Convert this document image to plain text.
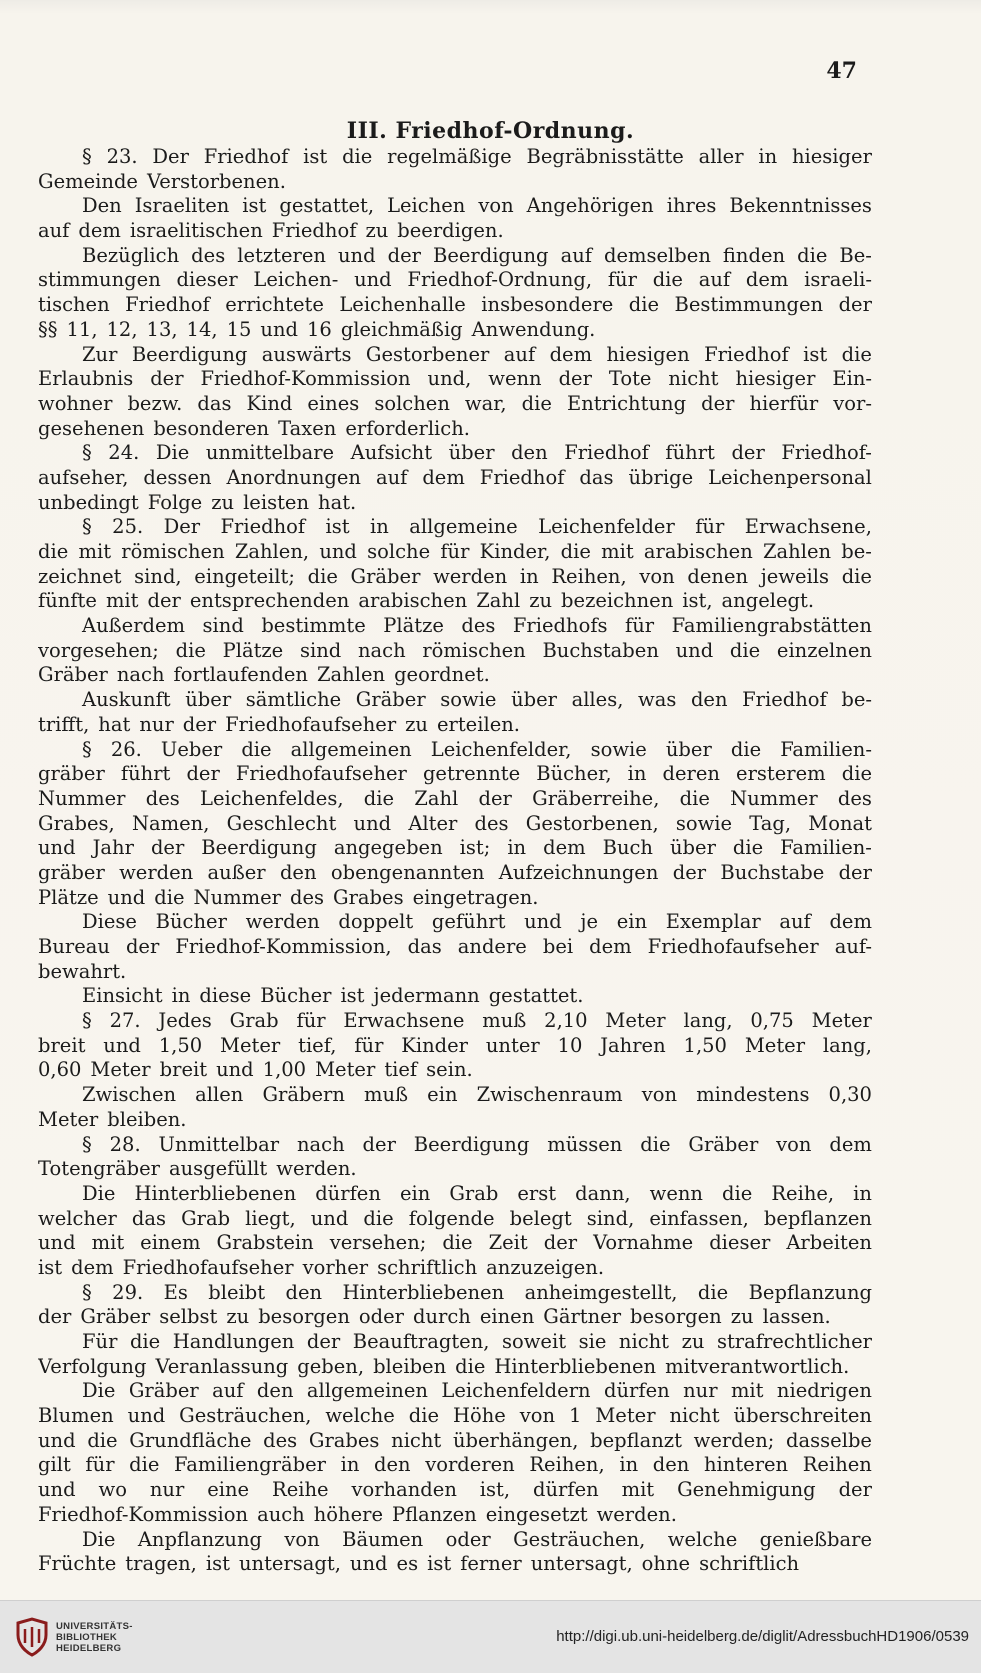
47
III. Friedhof-Ordnung.
§ 23. Der Friedhof ist die regelmäßige Begräbnisstätte aller in hiesiger
Gemeinde Verstorbenen.
Den Israeliten ist gestattet, Leichen von Angehörigen ihres Bekenntnisses
auf dem israelitischen Friedhof zu beerdigen.
Bezüglich des letzteren und der Beerdigung auf demselben finden die Be-
stimmungen dieser Leichen- und Friedhof-Ordnung, für die auf dem israeli-
tischen Friedhof errichtete Leichenhalle insbesondere die Bestimmungen der
§§ 11, 12, 13, 14, 15 und 16 gleichmäßig Anwendung.
Zur Beerdigung auswärts Gestorbener auf dem hiesigen Friedhof ist die
Erlaubnis der Friedhof-Kommission und, wenn der Tote nicht hiesiger Ein-
wohner bezw. das Kind eines solchen war, die Entrichtung der hierfür vor-
gesehenen besonderen Taxen erforderlich.
§ 24. Die unmittelbare Aufsicht über den Friedhof führt der Friedhof-
aufseher, dessen Anordnungen auf dem Friedhof das übrige Leichenpersonal
unbedingt Folge zu leisten hat.
§ 25. Der Friedhof ist in allgemeine Leichenfelder für Erwachsene,
die mit römischen Zahlen, und solche für Kinder, die mit arabischen Zahlen be-
zeichnet sind, eingeteilt; die Gräber werden in Reihen, von denen jeweils die
fünfte mit der entsprechenden arabischen Zahl zu bezeichnen ist, angelegt.
Außerdem sind bestimmte Plätze des Friedhofs für Familiengrabstätten
vorgesehen; die Plätze sind nach römischen Buchstaben und die einzelnen
Gräber nach fortlaufenden Zahlen geordnet.
Auskunft über sämtliche Gräber sowie über alles, was den Friedhof be-
trifft, hat nur der Friedhofaufseher zu erteilen.
§ 26. Ueber die allgemeinen Leichenfelder, sowie über die Familien-
gräber führt der Friedhofaufseher getrennte Bücher, in deren ersterem die
Nummer des Leichenfeldes, die Zahl der Gräberreihe, die Nummer des
Grabes, Namen, Geschlecht und Alter des Gestorbenen, sowie Tag, Monat
und Jahr der Beerdigung angegeben ist; in dem Buch über die Familien-
gräber werden außer den obengenannten Aufzeichnungen der Buchstabe der
Plätze und die Nummer des Grabes eingetragen.
Diese Bücher werden doppelt geführt und je ein Exemplar auf dem
Bureau der Friedhof-Kommission, das andere bei dem Friedhofaufseher auf-
bewahrt.
Einsicht in diese Bücher ist jedermann gestattet.
§ 27. Jedes Grab für Erwachsene muß 2,10 Meter lang, 0,75 Meter
breit und 1,50 Meter tief, für Kinder unter 10 Jahren 1,50 Meter lang,
0,60 Meter breit und 1,00 Meter tief sein.
Zwischen allen Gräbern muß ein Zwischenraum von mindestens 0,30
Meter bleiben.
§ 28. Unmittelbar nach der Beerdigung müssen die Gräber von dem
Totengräber ausgefüllt werden.
Die Hinterbliebenen dürfen ein Grab erst dann, wenn die Reihe, in
welcher das Grab liegt, und die folgende belegt sind, einfassen, bepflanzen
und mit einem Grabstein versehen; die Zeit der Vornahme dieser Arbeiten
ist dem Friedhofaufseher vorher schriftlich anzuzeigen.
§ 29. Es bleibt den Hinterbliebenen anheimgestellt, die Bepflanzung
der Gräber selbst zu besorgen oder durch einen Gärtner besorgen zu lassen.
Für die Handlungen der Beauftragten, soweit sie nicht zu strafrechtlicher
Verfolgung Veranlassung geben, bleiben die Hinterbliebenen mitverantwortlich.
Die Gräber auf den allgemeinen Leichenfeldern dürfen nur mit niedrigen
Blumen und Gesträuchen, welche die Höhe von 1 Meter nicht überschreiten
und die Grundfläche des Grabes nicht überhängen, bepflanzt werden; dasselbe
gilt für die Familiengräber in den vorderen Reihen, in den hinteren Reihen
und wo nur eine Reihe vorhanden ist, dürfen mit Genehmigung der
Friedhof-Kommission auch höhere Pflanzen eingesetzt werden.
Die Anpflanzung von Bäumen oder Gesträuchen, welche genießbare
Früchte tragen, ist untersagt, und es ist ferner untersagt, ohne schriftlich
UNIVERSITÄTS-
BIBLIOTHEK
HEIDELBERG
http://digi.ub.uni-heidelberg.de/diglit/AdressbuchHD1906/0539
